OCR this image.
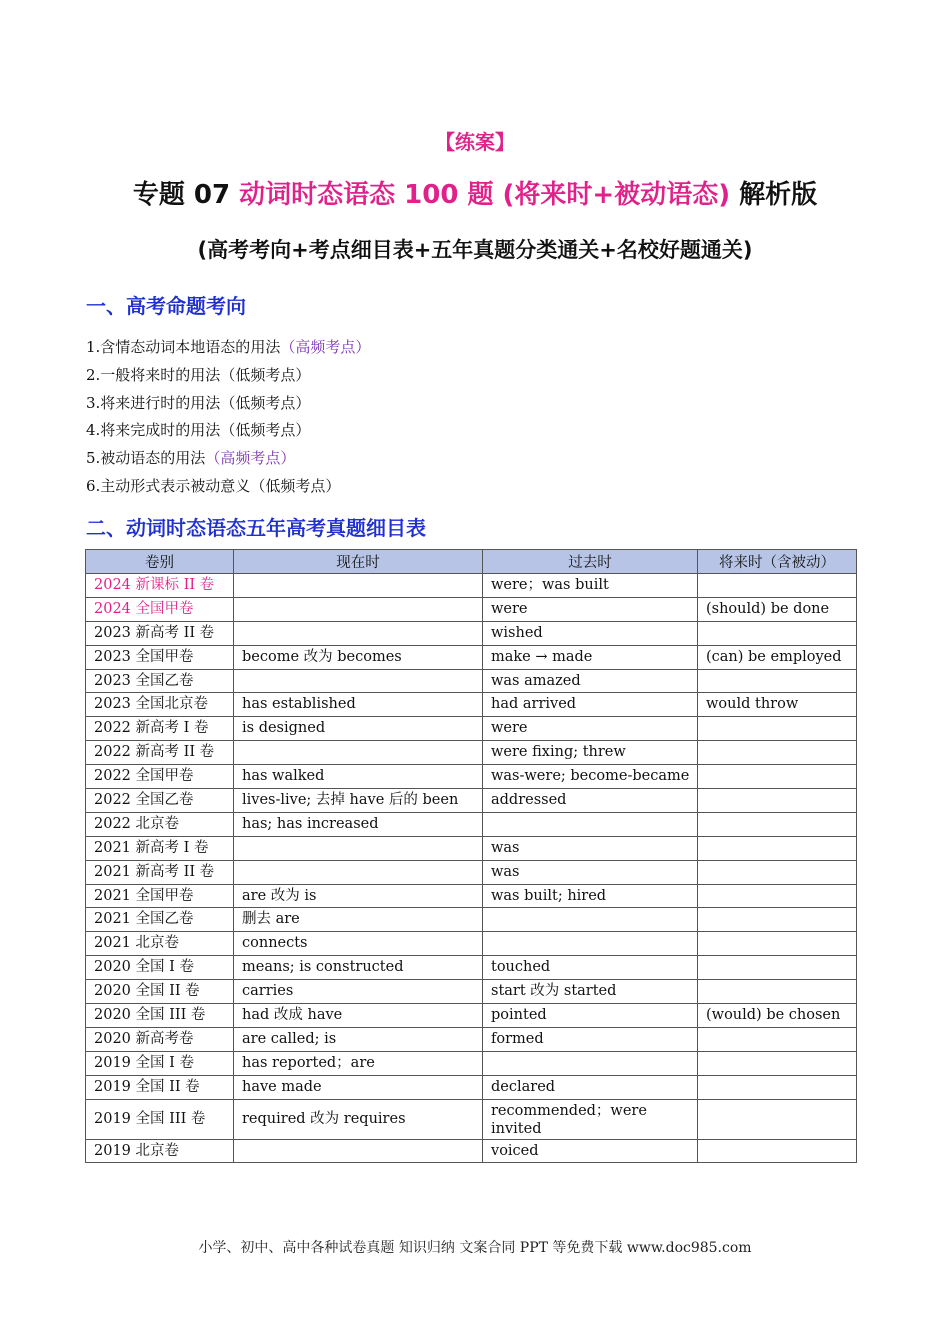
【练案】
专题 07 动词时态语态 100 题 (将来时+被动语态) 解析版
(高考考向+考点细目表+五年真题分类通关+名校好题通关)
一、高考命题考向
1.含情态动词本地语态的用法（高频考点）
2.一般将来时的用法（低频考点）
3.将来进行时的用法（低频考点）
4.将来完成时的用法（低频考点）
5.被动语态的用法（高频考点）
6.主动形式表示被动意义（低频考点）
二、动词时态语态五年高考真题细目表
卷别	现在时	过去时	将来时（含被动）
2024 新课标 II 卷		were；was built	
2024 全国甲卷		were	(should) be done
2023 新高考 II 卷		wished	
2023 全国甲卷	become 改为 becomes	make → made	(can) be employed
2023 全国乙卷		was amazed	
2023 全国北京卷	has established	had arrived	would throw
2022 新高考 I 卷	is designed	were	
2022 新高考 II 卷		were fixing; threw	
2022 全国甲卷	has walked	was-were; become-became	
2022 全国乙卷	lives-live; 去掉 have 后的 been	addressed	
2022 北京卷	has; has increased		
2021 新高考 I 卷		was	
2021 新高考 II 卷		was	
2021 全国甲卷	are 改为 is	was built; hired	
2021 全国乙卷	删去 are		
2021 北京卷	connects		
2020 全国 I 卷	means; is constructed	touched	
2020 全国 II 卷	carries	start 改为 started	
2020 全国 III 卷	had 改成 have	pointed	(would) be chosen
2020 新高考卷	are called; is	formed	
2019 全国 I 卷	has reported；are		
2019 全国 II 卷	have made	declared	
2019 全国 III 卷	required 改为 requires	recommended；were invited	
2019 北京卷		voiced	
小学、初中、高中各种试卷真题 知识归纳 文案合同 PPT 等免费下载 www.doc985.com
